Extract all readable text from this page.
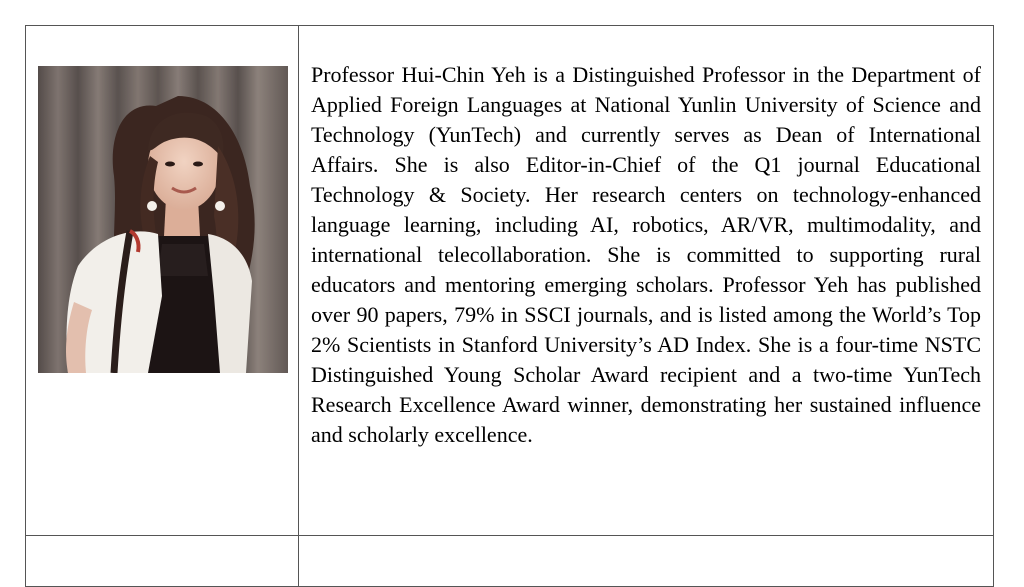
Professor Hui-Chin Yeh is a Distinguished Professor in the Department of Applied Foreign Languages at National Yunlin University of Science and Technology (YunTech) and currently serves as Dean of International Affairs. She is also Editor-in-Chief of the Q1 journal Educational Technology & Society. Her research centers on technology-enhanced language learning, including AI, robotics, AR/VR, multimodality, and international telecollaboration. She is committed to supporting rural educators and mentoring emerging scholars. Professor Yeh has published over 90 papers, 79% in SSCI journals, and is listed among the World’s Top 2% Scientists in Stanford University’s AD Index. She is a four-time NSTC Distinguished Young Scholar Award recipient and a two-time YunTech Research Excellence Award winner, demonstrating her sustained influence and scholarly excellence.
